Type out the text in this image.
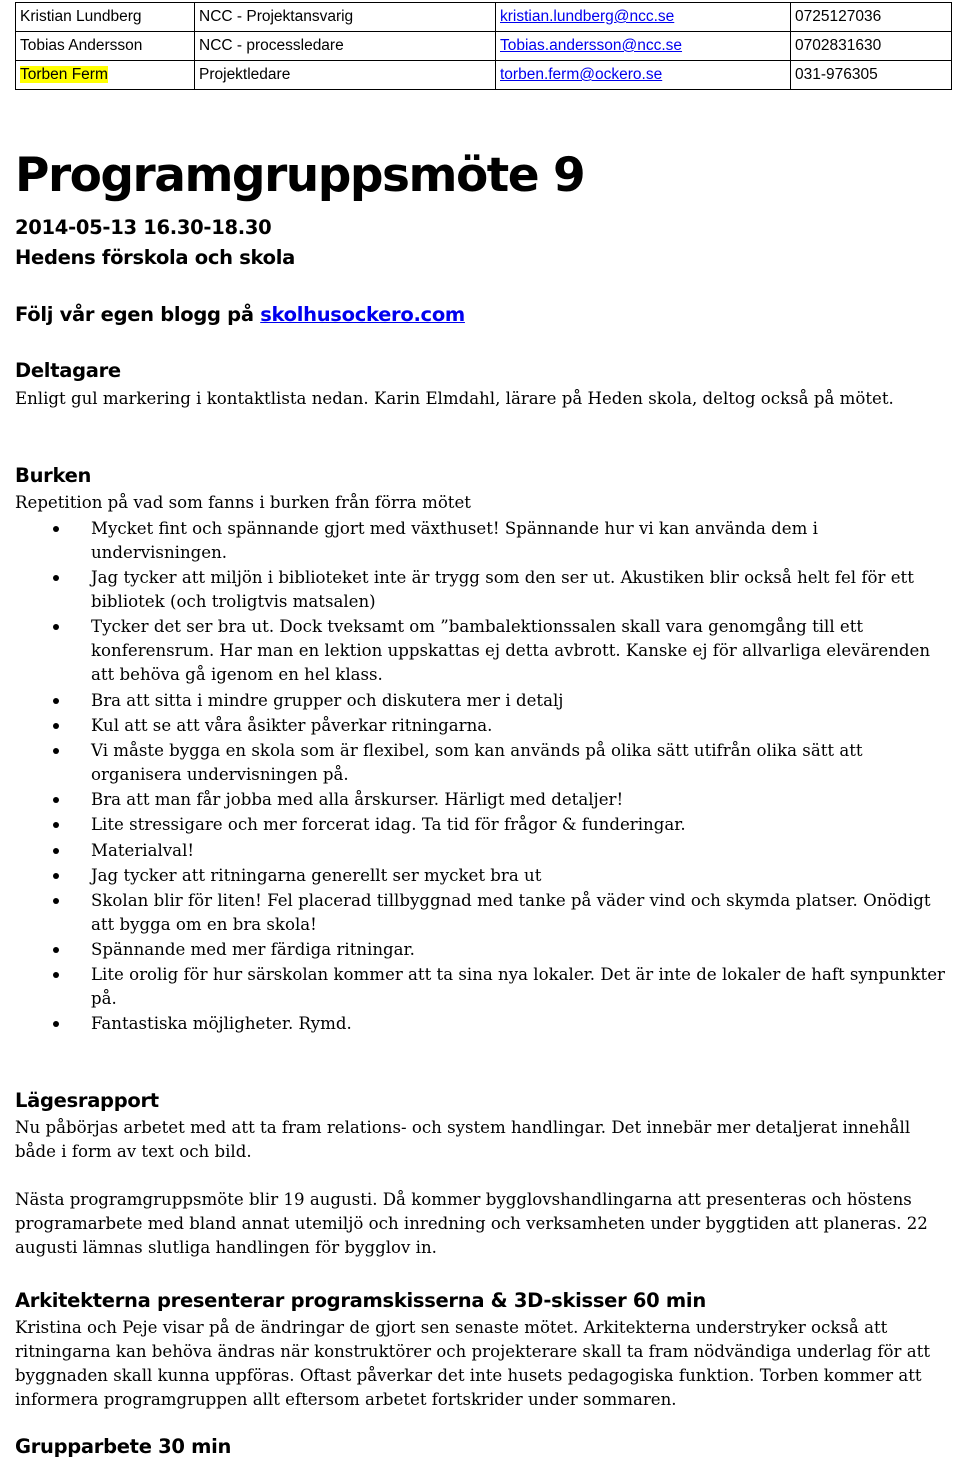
Kristian Lundberg	NCC - Projektansvarig	kristian.lundberg@ncc.se	0725127036
Tobias Andersson	NCC - processledare	Tobias.andersson@ncc.se	0702831630
Torben Ferm	Projektledare	torben.ferm@ockero.se	031-976305
Programgruppsmöte 9

2014-05-13 16.30-18.30

Hedens förskola och skola

Följ vår egen blogg på skolhusockero.com

Deltagare

Enligt gul markering i kontaktlista nedan. Karin Elmdahl, lärare på Heden skola, deltog också på mötet.

Burken

Repetition på vad som fanns i burken från förra mötet

Mycket fint och spännande gjort med växthuset! Spännande hur vi kan använda dem i undervisningen.
Jag tycker att miljön i biblioteket inte är trygg som den ser ut. Akustiken blir också helt fel för ett bibliotek (och troligtvis matsalen)
Tycker det ser bra ut. Dock tveksamt om ”bambalektionssalen skall vara genomgång till ett konferensrum. Har man en lektion uppskattas ej detta avbrott. Kanske ej för allvarliga elevärenden att behöva gå igenom en hel klass.
Bra att sitta i mindre grupper och diskutera mer i detalj
Kul att se att våra åsikter påverkar ritningarna.
Vi måste bygga en skola som är flexibel, som kan används på olika sätt utifrån olika sätt att organisera undervisningen på.
Bra att man får jobba med alla årskurser. Härligt med detaljer!
Lite stressigare och mer forcerat idag. Ta tid för frågor & funderingar.
Materialval!
Jag tycker att ritningarna generellt ser mycket bra ut
Skolan blir för liten! Fel placerad tillbyggnad med tanke på väder vind och skymda platser. Onödigt att bygga om en bra skola!
Spännande med mer färdiga ritningar.
Lite orolig för hur särskolan kommer att ta sina nya lokaler. Det är inte de lokaler de haft synpunkter på.
Fantastiska möjligheter. Rymd.

Lägesrapport

Nu påbörjas arbetet med att ta fram relations- och system handlingar. Det innebär mer detaljerat innehåll både i form av text och bild.

Nästa programgruppsmöte blir 19 augusti. Då kommer bygglovshandlingarna att presenteras och höstens programarbete med bland annat utemiljö och inredning och verksamheten under byggtiden att planeras. 22 augusti lämnas slutliga handlingen för bygglov in.

Arkitekterna presenterar programskisserna & 3D-skisser 60 min

Kristina och Peje visar på de ändringar de gjort sen senaste mötet. Arkitekterna understryker också att ritningarna kan behöva ändras när konstruktörer och projekterare skall ta fram nödvändiga underlag för att byggnaden skall kunna uppföras. Oftast påverkar det inte husets pedagogiska funktion. Torben kommer att informera programgruppen allt eftersom arbetet fortskrider under sommaren.

Grupparbete 30 min
